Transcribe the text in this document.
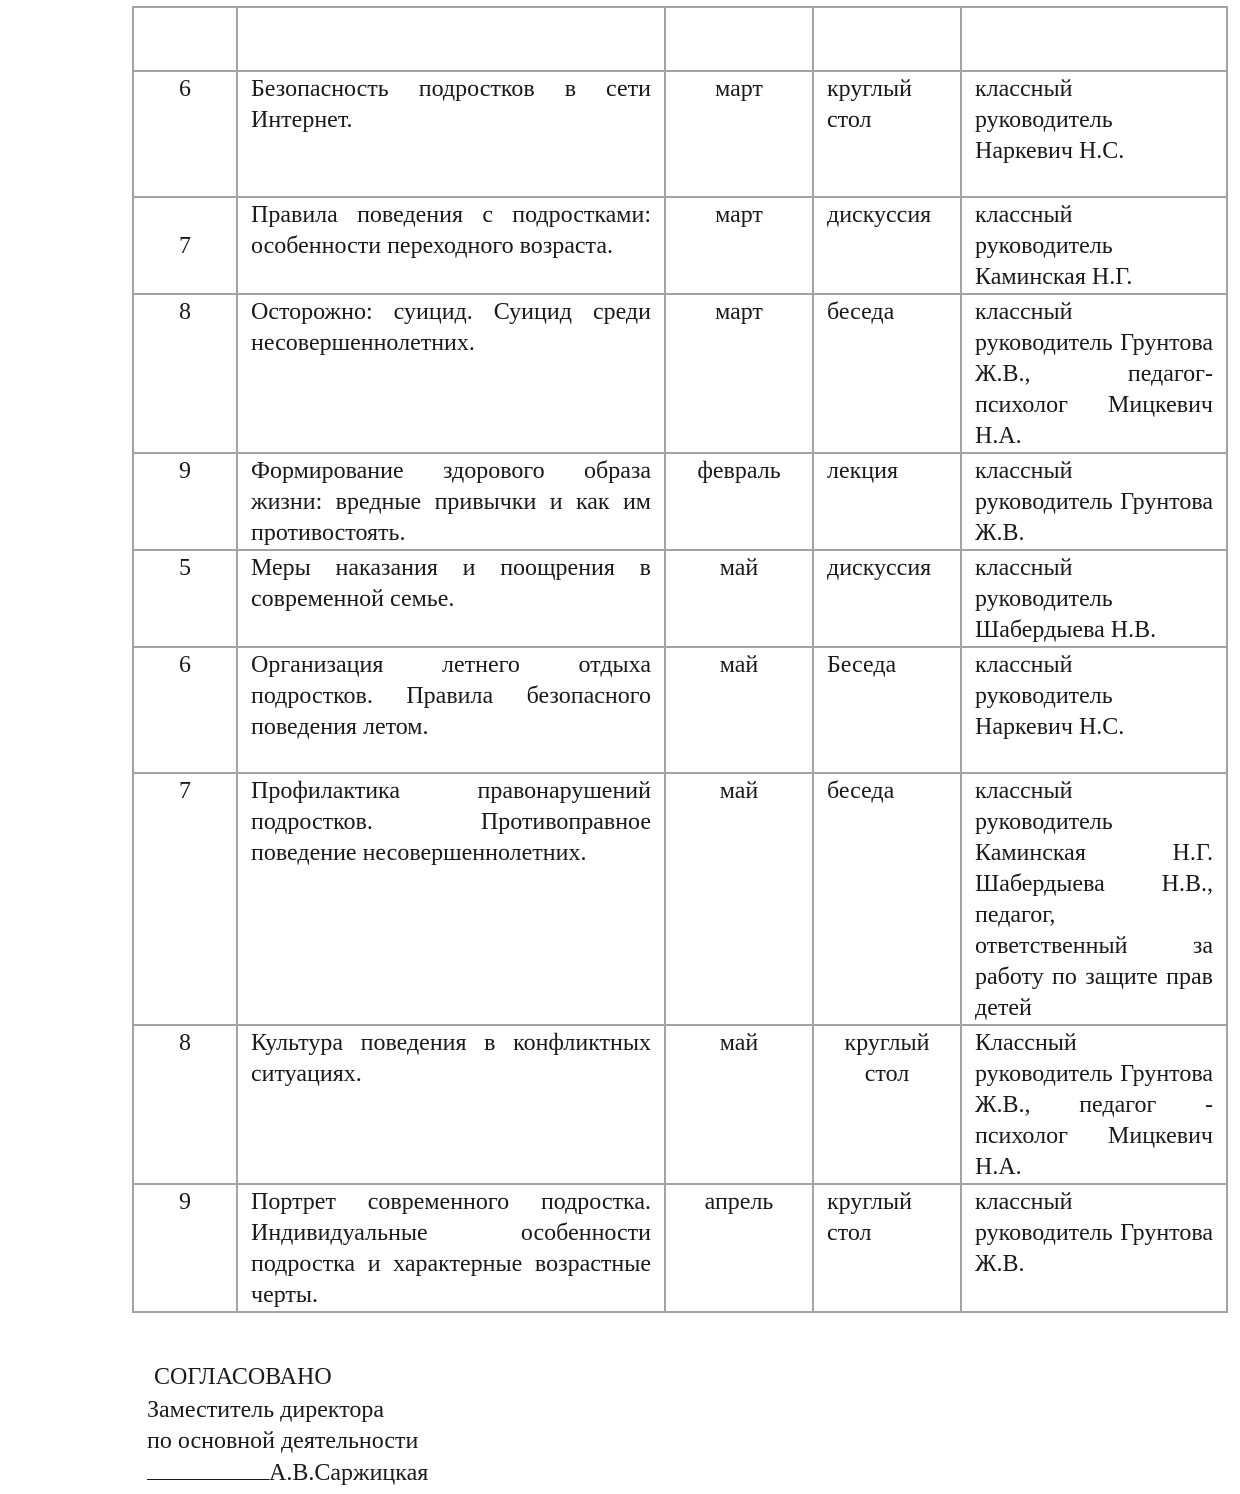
6	Безопасность подростков в сети Интернет.	март	круглый стол	классный руководитель Наркевич Н.С.
7	Правила поведения с подростками: особенности переходного возраста.	март	дискуссия	классный руководитель Каминская Н.Г.
8	Осторожно: суицид. Суицид среди несовершеннолетних.	март	беседа	классный руководитель Грунтова Ж.В., педагог- психолог Мицкевич Н.А.
9	Формирование здорового образа жизни: вредные привычки и как им противостоять.	февраль	лекция	классный руководитель Грунтова Ж.В.
5	Меры наказания и поощрения в современной семье.	май	дискуссия	классный руководитель Шабердыева Н.В.
6	Организация летнего отдыха подростков. Правила безопасного поведения летом.	май	Беседа	классный руководитель Наркевич Н.С.
7	Профилактика правонарушений подростков. Противоправное поведение несовершеннолетних.	май	беседа	классный руководитель Каминская Н.Г. Шабердыева Н.В., педагог, ответственный за работу по защите прав детей
8	Культура поведения в конфликтных ситуациях.	май	круглый стол	Классный руководитель Грунтова Ж.В., педагог - психолог Мицкевич Н.А.
9	Портрет современного подростка. Индивидуальные особенности подростка и характерные возрастные черты.	апрель	круглый стол	классный руководитель Грунтова Ж.В.
СОГЛАСОВАНО
Заместитель директора
по основной деятельности
А.В.Саржицкая
